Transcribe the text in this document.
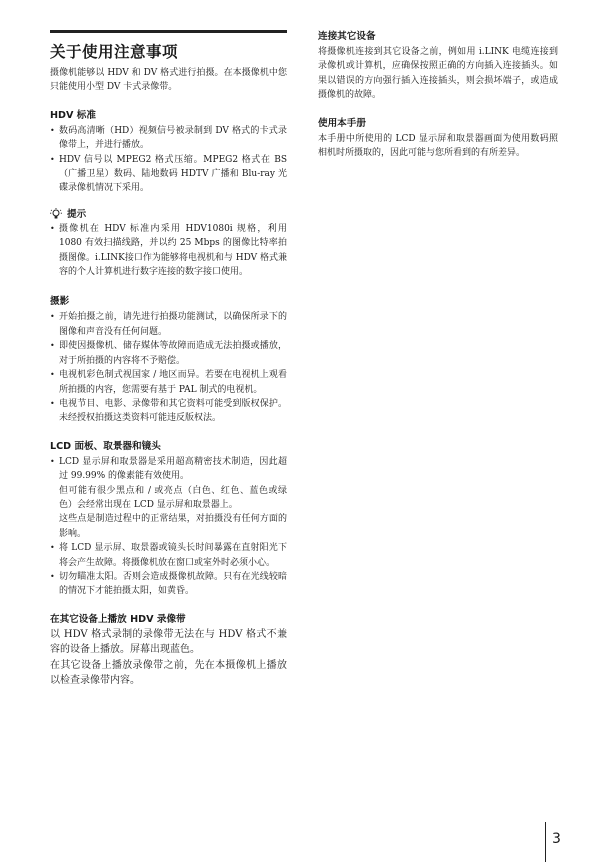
关于使用注意事项
摄像机能够以 HDV 和 DV 格式进行拍摄。在本摄像机中您只能使用小型 DV 卡式录像带。
HDV 标准
• 数码高清晰（HD）视频信号被录制到 DV 格式的卡式录像带上，并进行播放。
• HDV 信号以 MPEG2 格式压缩。MPEG2 格式在 BS（广播卫星）数码、陆地数码 HDTV 广播和 Blu-ray 光碟录像机情况下采用。
提示
• 摄像机在 HDV 标准内采用 HDV1080i 规格，利用 1080 有效扫描线路，并以约 25 Mbps 的图像比特率拍摄图像。i.LINK接口作为能够将电视机和与 HDV 格式兼容的个人计算机进行数字连接的数字接口使用。
摄影
• 开始拍摄之前，请先进行拍摄功能测试，以确保所录下的图像和声音没有任何问题。
• 即使因摄像机、储存媒体等故障而造成无法拍摄或播放，对于所拍摄的内容将不予赔偿。
• 电视机彩色制式视国家 / 地区而异。若要在电视机上观看所拍摄的内容，您需要有基于 PAL 制式的电视机。
• 电视节目、电影、录像带和其它资料可能受到版权保护。未经授权拍摄这类资料可能违反版权法。
LCD 面板、取景器和镜头
• LCD 显示屏和取景器是采用超高精密技术制造，因此超过 99.99% 的像素能有效使用。
但可能有很少黑点和 / 或亮点（白色、红色、蓝色或绿色）会经常出现在 LCD 显示屏和取景器上。
这些点是制造过程中的正常结果，对拍摄没有任何方面的影响。
• 将 LCD 显示屏、取景器或镜头长时间暴露在直射阳光下将会产生故障。将摄像机放在窗口或室外时必须小心。
• 切勿瞄准太阳。否则会造成摄像机故障。只有在光线较暗的情况下才能拍摄太阳，如黄昏。
在其它设备上播放 HDV 录像带
以 HDV 格式录制的录像带无法在与 HDV 格式不兼容的设备上播放。屏幕出现蓝色。
在其它设备上播放录像带之前，先在本摄像机上播放以检查录像带内容。
连接其它设备
将摄像机连接到其它设备之前，例如用 i.LINK 电缆连接到录像机或计算机，应确保按照正确的方向插入连接插头。如果以错误的方向强行插入连接插头，则会损坏端子，或造成摄像机的故障。
使用本手册
本手册中所使用的 LCD 显示屏和取景器画面为使用数码照相机时所摄取的，因此可能与您所看到的有所差异。
3
